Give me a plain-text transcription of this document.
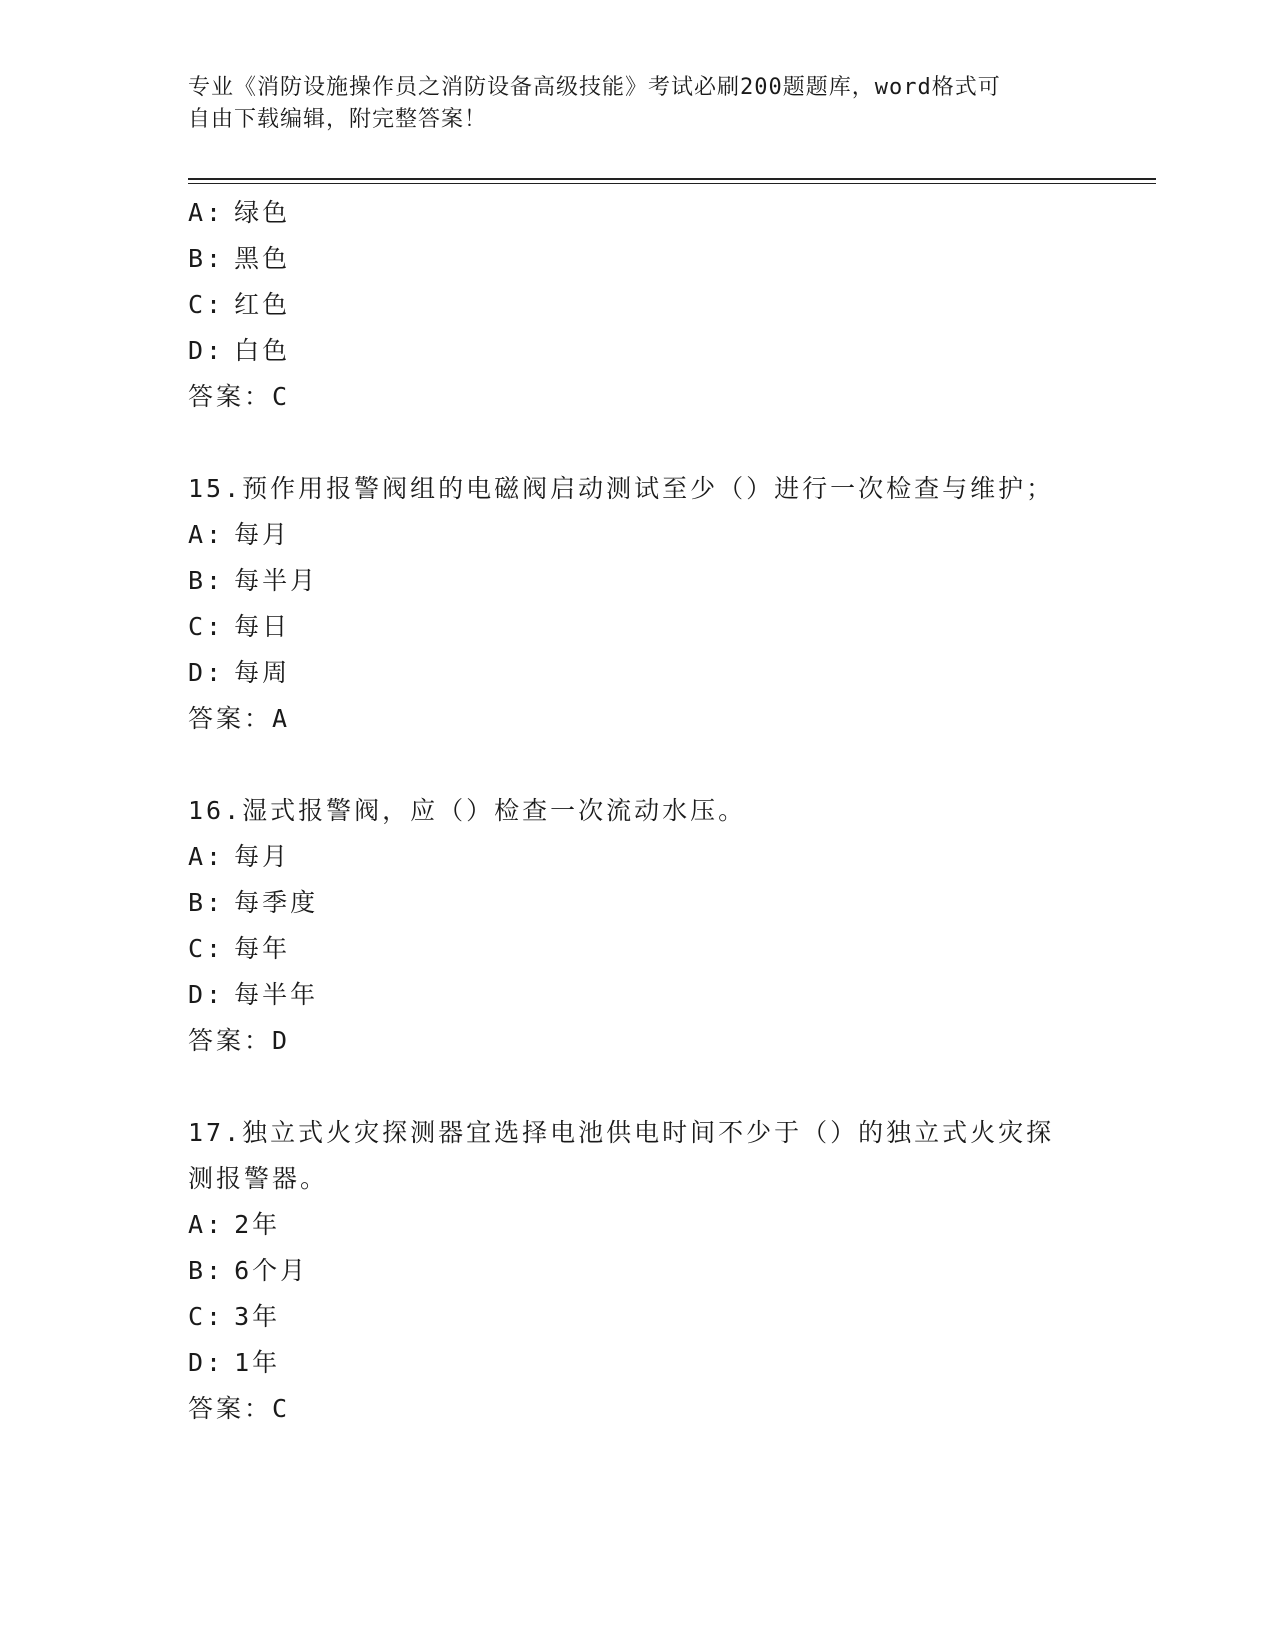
专业《消防设施操作员之消防设备高级技能》考试必刷200题题库，word格式可
自由下载编辑，附完整答案！
A: 绿色
B: 黑色
C: 红色
D: 白色
答案：C
15.预作用报警阀组的电磁阀启动测试至少（）进行一次检查与维护；
A: 每月
B: 每半月
C: 每日
D: 每周
答案：A
16.湿式报警阀，应（）检查一次流动水压。
A: 每月
B: 每季度
C: 每年
D: 每半年
答案：D
17.独立式火灾探测器宜选择电池供电时间不少于（）的独立式火灾探测报警器。
A: 2年
B: 6个月
C: 3年
D: 1年
答案：C
